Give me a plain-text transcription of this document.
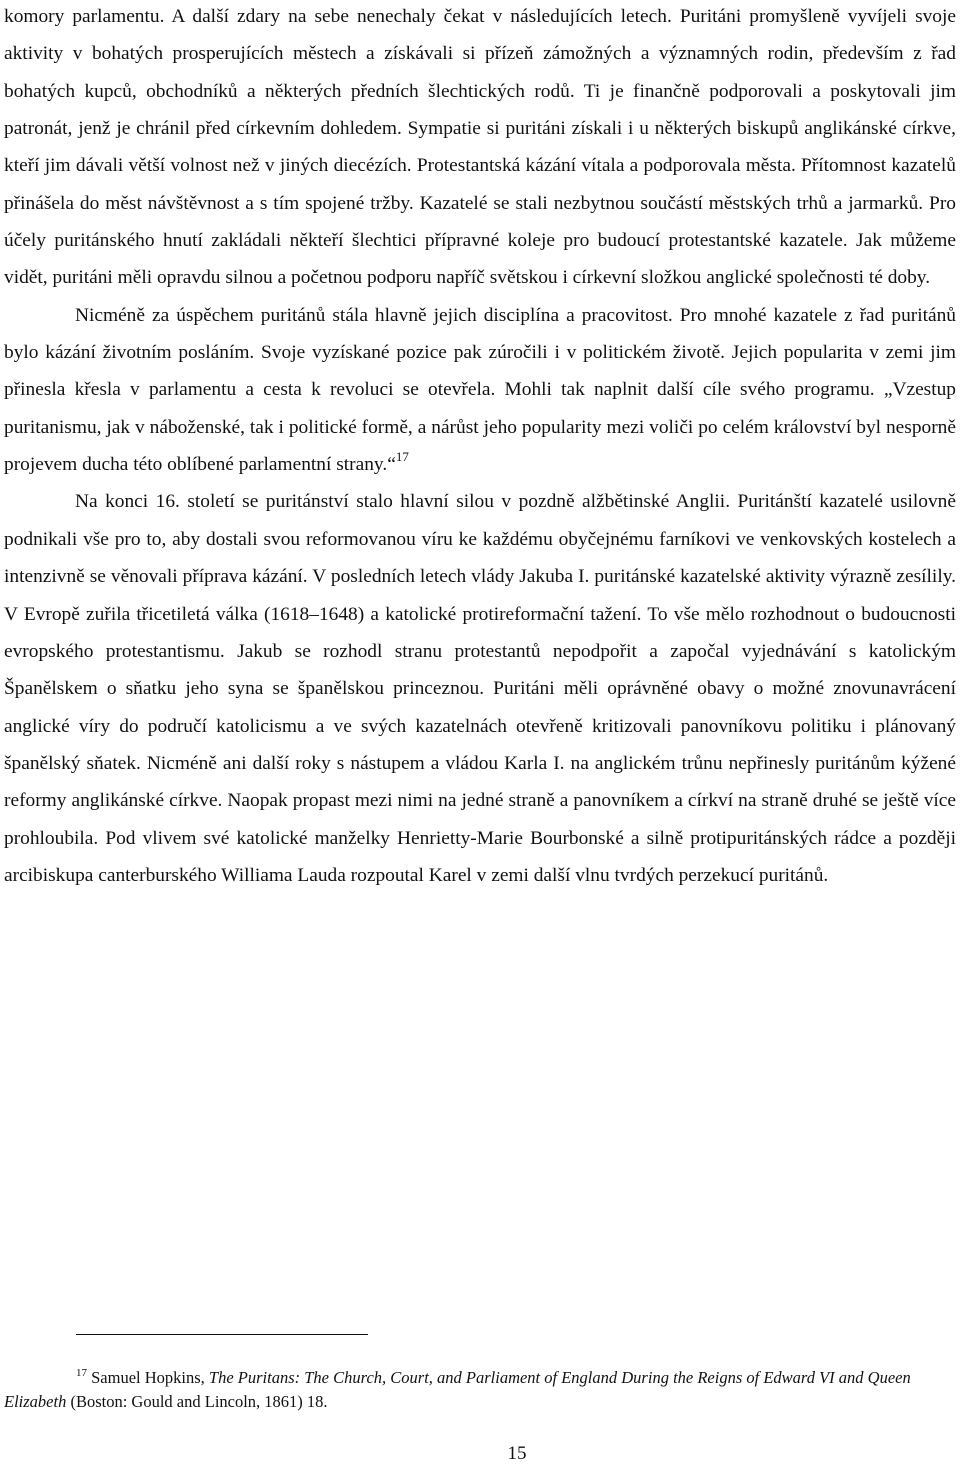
komory parlamentu. A další zdary na sebe nenechaly čekat v následujících letech. Puritáni promyšleně vyvíjeli svoje aktivity v bohatých prosperujících městech a získávali si přízeň zámožných a významných rodin, především z řad bohatých kupců, obchodníků a některých předních šlechtických rodů. Ti je finančně podporovali a poskytovali jim patronát, jenž je chránil před církevním dohledem. Sympatie si puritáni získali i u některých biskupů anglikánské církve, kteří jim dávali větší volnost než v jiných diecézích. Protestantská kázání vítala a podporovala města. Přítomnost kazatelů přinášela do měst návštěvnost a s tím spojené tržby. Kazatelé se stali nezbytnou součástí městských trhů a jarmarků. Pro účely puritánského hnutí zakládali někteří šlechtici přípravné koleje pro budoucí protestantské kazatele. Jak můžeme vidět, puritáni měli opravdu silnou a početnou podporu napříč světskou i církevní složkou anglické společnosti té doby.

Nicméně za úspěchem puritánů stála hlavně jejich disciplína a pracovitost. Pro mnohé kazatele z řad puritánů bylo kázání životním posláním. Svoje vyzískané pozice pak zúročili i v politickém životě. Jejich popularita v zemi jim přinesla křesla v parlamentu a cesta k revoluci se otevřela. Mohli tak naplnit další cíle svého programu. „Vzestup puritanismu, jak v náboženské, tak i politické formě, a nárůst jeho popularity mezi voliči po celém království byl nesporně projevem ducha této oblíbené parlamentní strany.“$^{17}$

Na konci 16. století se puritánství stalo hlavní silou v pozdně alžbětinské Anglii. Puritánští kazatelé usilovně podnikali vše pro to, aby dostali svou reformovanou víru ke každému obyčejnému farníkovi ve venkovských kostelech a intenzivně se věnovali příprava kázání. V posledních letech vlády Jakuba I. puritánské kazatelské aktivity výrazně zesílily. V Evropě zuřila třicetiletá válka (1618–1648) a katolické protireformační tažení. To vše mělo rozhodnout o budoucnosti evropského protestantismu. Jakub se rozhodl stranu protestantů nepodpořit a započal vyjednávání s katolickým Španělskem o sňatku jeho syna se španělskou princeznou. Puritáni měli oprávněné obavy o možné znovunavrácení anglické víry do područí katolicismu a ve svých kazatelnách otevřeně kritizovali panovníkovu politiku i plánovaný španělský sňatek. Nicméně ani další roky s nástupem a vládou Karla I. na anglickém trůnu nepřinesly puritánům kýžené reformy anglikánské církve. Naopak propast mezi nimi na jedné straně a panovníkem a církví na straně druhé se ještě více prohloubila. Pod vlivem své katolické manželky Henrietty-Marie Bourbonské a silně protipuritánských rádce a později arcibiskupa canterburského Williama Lauda rozpoutal Karel v zemi další vlnu tvrdých perzekucí puritánů.

$^{17}$ Samuel Hopkins, The Puritans: The Church, Court, and Parliament of England During the Reigns of Edward VI and Queen Elizabeth (Boston: Gould and Lincoln, 1861) 18.

15
